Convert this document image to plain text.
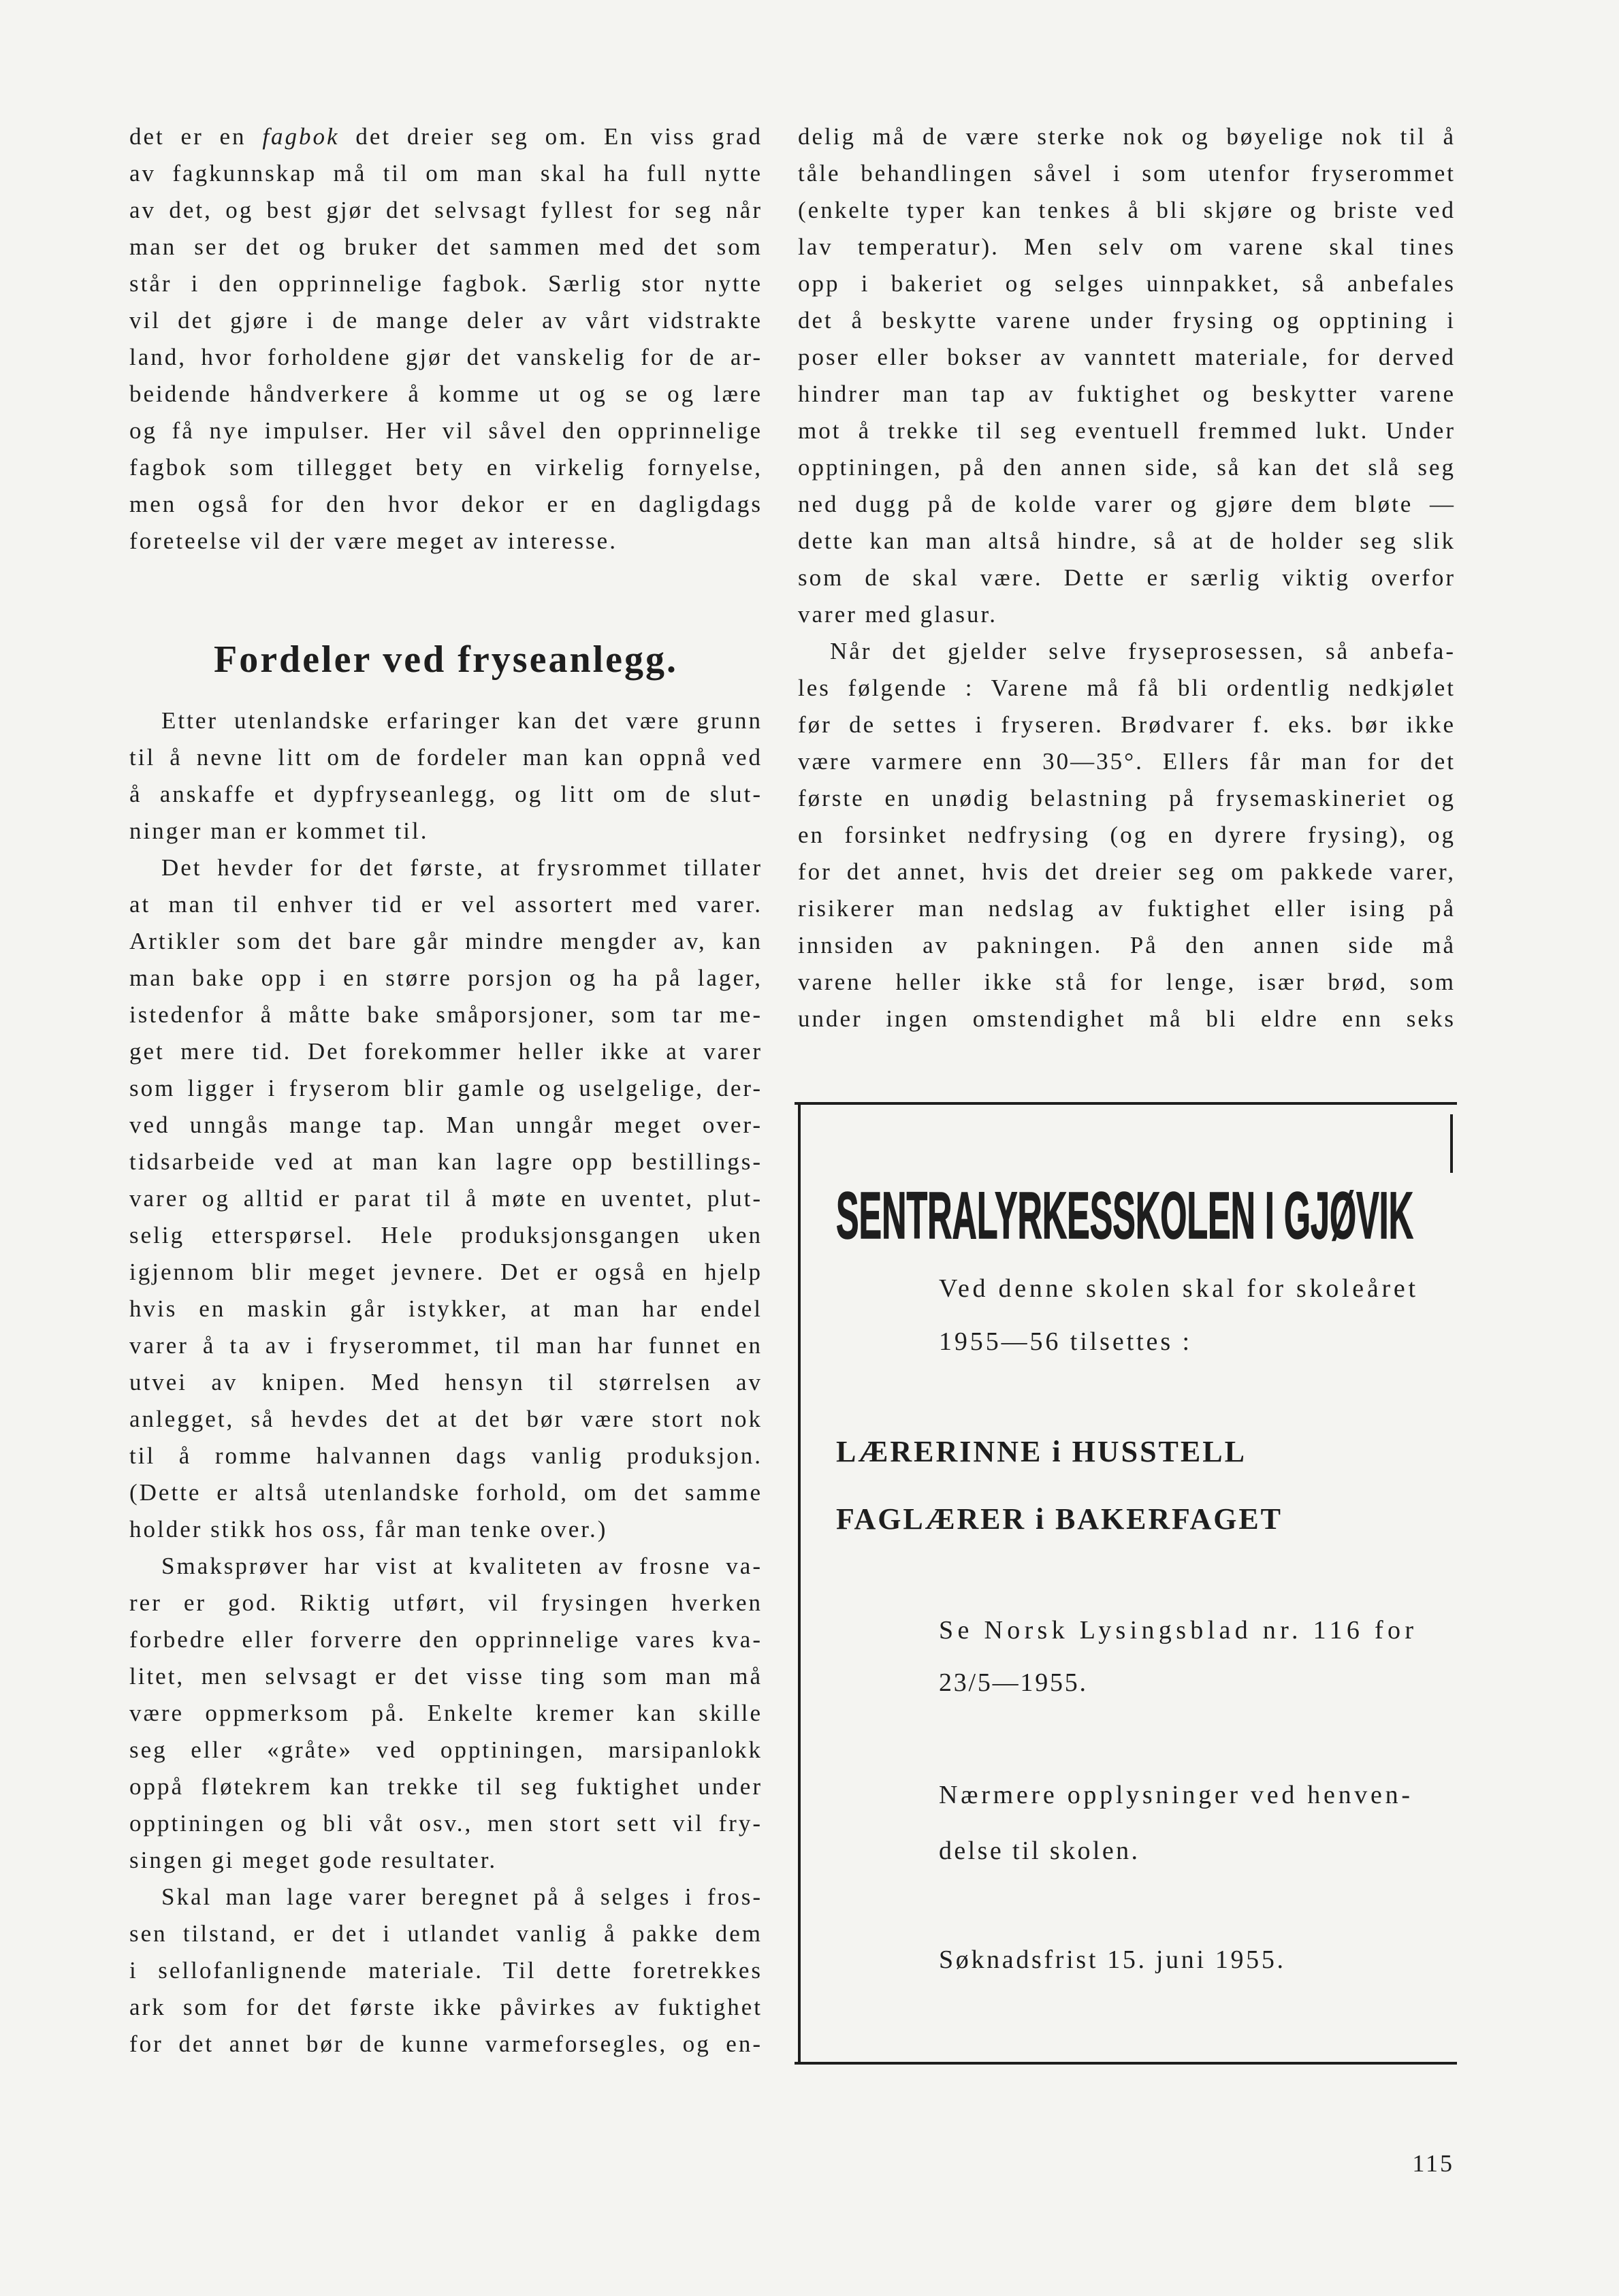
det er en fagbok det dreier seg om. En viss grad
av fagkunnskap må til om man skal ha full nytte
av det, og best gjør det selvsagt fyllest for seg når
man ser det og bruker det sammen med det som
står i den opprinnelige fagbok. Særlig stor nytte
vil det gjøre i de mange deler av vårt vidstrakte
land, hvor forholdene gjør det vanskelig for de ar-
beidende håndverkere å komme ut og se og lære
og få nye impulser. Her vil såvel den opprinnelige
fagbok som tillegget bety en virkelig fornyelse,
men også for den hvor dekor er en dagligdags
foreteelse vil der være meget av interesse.
Fordeler ved fryseanlegg.
Etter utenlandske erfaringer kan det være grunn
til å nevne litt om de fordeler man kan oppnå ved
å anskaffe et dypfryseanlegg, og litt om de slut-
ninger man er kommet til.
Det hevder for det første, at frysrommet tillater
at man til enhver tid er vel assortert med varer.
Artikler som det bare går mindre mengder av, kan
man bake opp i en større porsjon og ha på lager,
istedenfor å måtte bake småporsjoner, som tar me-
get mere tid. Det forekommer heller ikke at varer
som ligger i fryserom blir gamle og uselgelige, der-
ved unngås mange tap. Man unngår meget over-
tidsarbeide ved at man kan lagre opp bestillings-
varer og alltid er parat til å møte en uventet, plut-
selig etterspørsel. Hele produksjonsgangen uken
igjennom blir meget jevnere. Det er også en hjelp
hvis en maskin går istykker, at man har endel
varer å ta av i fryserommet, til man har funnet en
utvei av knipen. Med hensyn til størrelsen av
anlegget, så hevdes det at det bør være stort nok
til å romme halvannen dags vanlig produksjon.
(Dette er altså utenlandske forhold, om det samme
holder stikk hos oss, får man tenke over.)
Smaksprøver har vist at kvaliteten av frosne va-
rer er god. Riktig utført, vil frysingen hverken
forbedre eller forverre den opprinnelige vares kva-
litet, men selvsagt er det visse ting som man må
være oppmerksom på. Enkelte kremer kan skille
seg eller «gråte» ved opptiningen, marsipanlokk
oppå fløtekrem kan trekke til seg fuktighet under
opptiningen og bli våt osv., men stort sett vil fry-
singen gi meget gode resultater.
Skal man lage varer beregnet på å selges i fros-
sen tilstand, er det i utlandet vanlig å pakke dem
i sellofanlignende materiale. Til dette foretrekkes
ark som for det første ikke påvirkes av fuktighet
for det annet bør de kunne varmeforsegles, og en-
delig må de være sterke nok og bøyelige nok til å
tåle behandlingen såvel i som utenfor fryserommet
(enkelte typer kan tenkes å bli skjøre og briste ved
lav temperatur). Men selv om varene skal tines
opp i bakeriet og selges uinnpakket, så anbefales
det å beskytte varene under frysing og opptining i
poser eller bokser av vanntett materiale, for derved
hindrer man tap av fuktighet og beskytter varene
mot å trekke til seg eventuell fremmed lukt. Under
opptiningen, på den annen side, så kan det slå seg
ned dugg på de kolde varer og gjøre dem bløte —
dette kan man altså hindre, så at de holder seg slik
som de skal være. Dette er særlig viktig overfor
varer med glasur.
Når det gjelder selve fryseprosessen, så anbefa-
les følgende : Varene må få bli ordentlig nedkjølet
før de settes i fryseren. Brødvarer f. eks. bør ikke
være varmere enn 30—35°. Ellers får man for det
første en unødig belastning på frysemaskineriet og
en forsinket nedfrysing (og en dyrere frysing), og
for det annet, hvis det dreier seg om pakkede varer,
risikerer man nedslag av fuktighet eller ising på
innsiden av pakningen. På den annen side må
varene heller ikke stå for lenge, især brød, som
under ingen omstendighet må bli eldre enn seks
SENTRALYRKESSKOLEN I GJØVIK
Ved denne skolen skal for skoleåret
1955—56 tilsettes :
LÆRERINNE i HUSSTELL
FAGLÆRER i BAKERFAGET
Se Norsk Lysingsblad nr. 116 for
23/5—1955.
Nærmere opplysninger ved henven-
delse til skolen.
Søknadsfrist 15. juni 1955.
115
